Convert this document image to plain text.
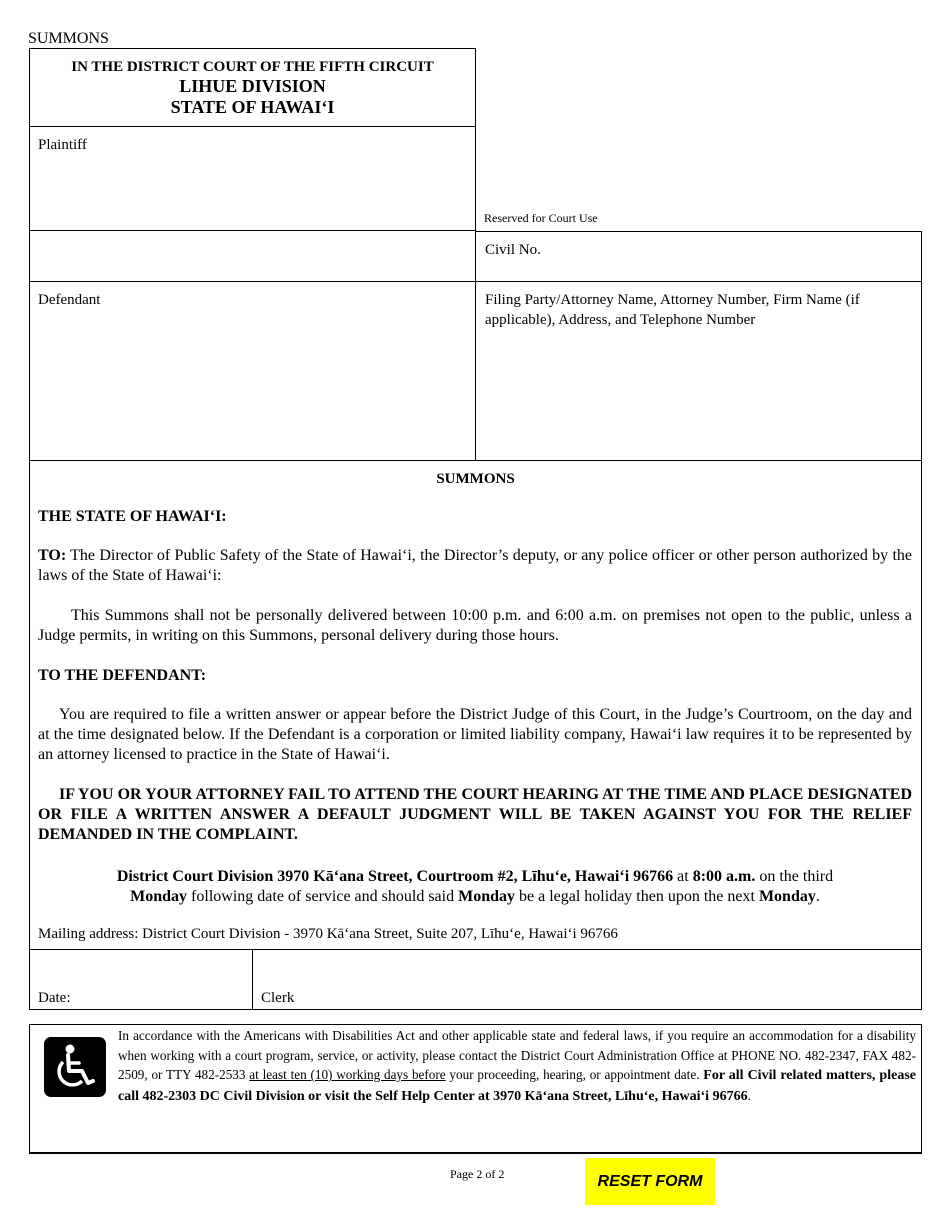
SUMMONS
IN THE DISTRICT COURT OF THE FIFTH CIRCUIT
LIHUE DIVISION
STATE OF HAWAI‘I
Plaintiff
Reserved for Court Use
Civil No.
Defendant	Filing Party/Attorney Name, Attorney Number, Firm Name (if applicable), Address, and Telephone Number
SUMMONS
THE STATE OF HAWAI‘I:
TO: The Director of Public Safety of the State of Hawai‘i, the Director’s deputy, or any police officer or other person authorized by the laws of the State of Hawai‘i:
This Summons shall not be personally delivered between 10:00 p.m. and 6:00 a.m. on premises not open to the public, unless a Judge permits, in writing on this Summons, personal delivery during those hours.
TO THE DEFENDANT:
You are required to file a written answer or appear before the District Judge of this Court, in the Judge’s Courtroom, on the day and at the time designated below. If the Defendant is a corporation or limited liability company, Hawai‘i law requires it to be represented by an attorney licensed to practice in the State of Hawai‘i.
IF YOU OR YOUR ATTORNEY FAIL TO ATTEND THE COURT HEARING AT THE TIME AND PLACE DESIGNATED OR FILE A WRITTEN ANSWER A DEFAULT JUDGMENT WILL BE TAKEN AGAINST YOU FOR THE RELIEF DEMANDED IN THE COMPLAINT.
District Court Division 3970 Kā‘ana Street, Courtroom #2, Līhu‘e, Hawai‘i 96766 at 8:00 a.m. on the third
Monday following date of service and should said Monday be a legal holiday then upon the next Monday.
Mailing address: District Court Division - 3970 Kā‘ana Street, Suite 207, Līhu‘e, Hawai‘i 96766
Date:	Clerk
In accordance with the Americans with Disabilities Act and other applicable state and federal laws, if you require an accommodation for a disability when working with a court program, service, or activity, please contact the District Court Administration Office at PHONE NO. 482-2347, FAX 482-2509, or TTY 482-2533 at least ten (10) working days before your proceeding, hearing, or appointment date. For all Civil related matters, please call 482-2303 DC Civil Division or visit the Self Help Center at 3970 Kā‘ana Street, Līhu‘e, Hawai‘i 96766.
Page 2 of 2	RESET FORM
